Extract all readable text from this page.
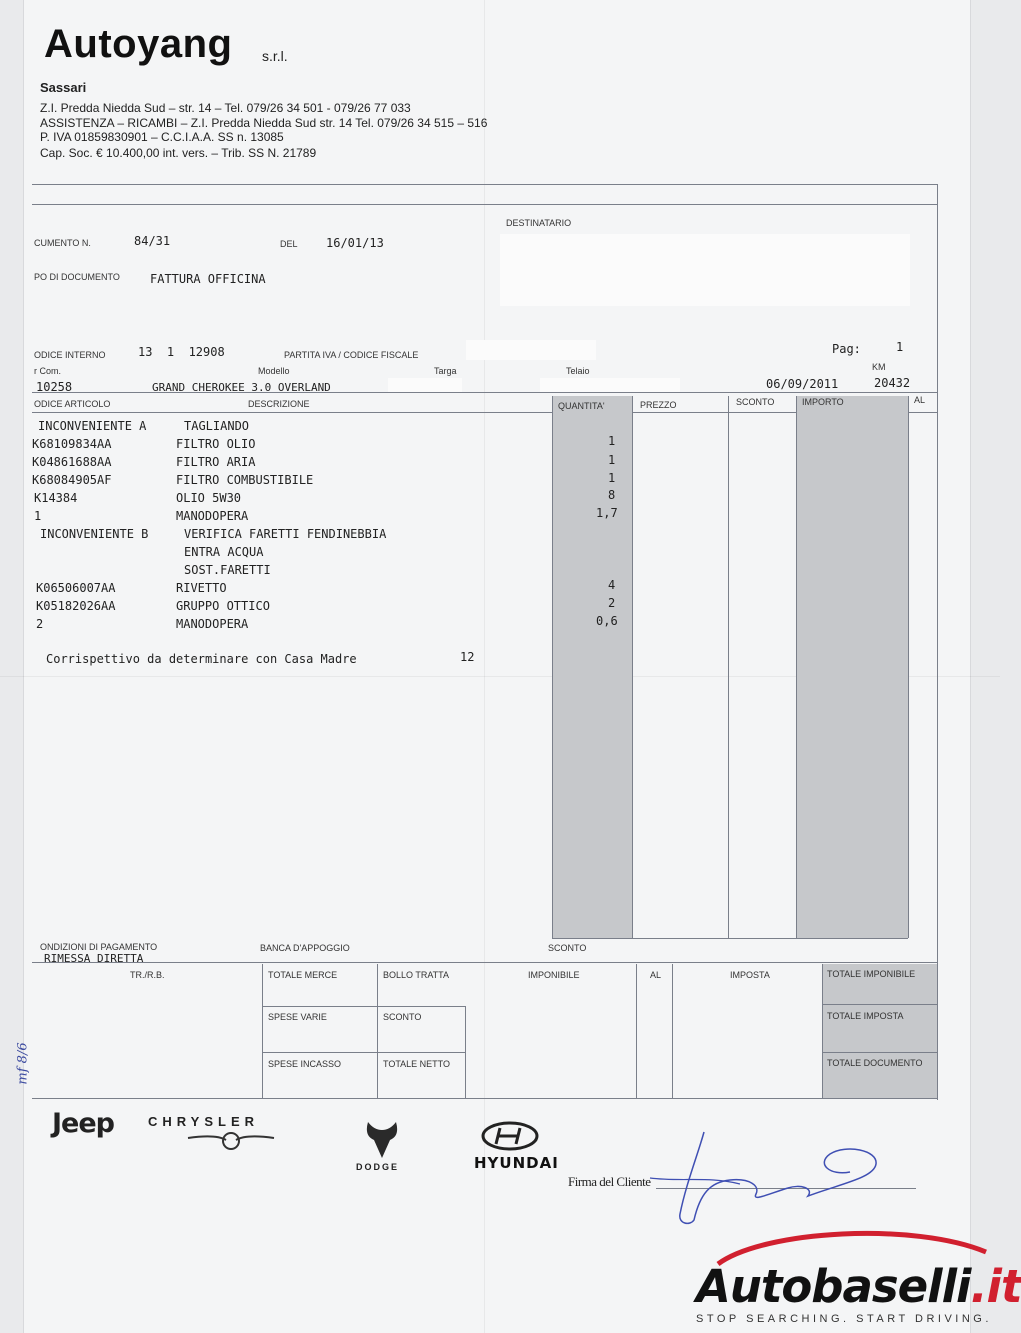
Autoyang s.r.l.
Sassari
Z.I. Predda Niedda Sud – str. 14 – Tel. 079/26 34 501 - 079/26 77 033
ASSISTENZA – RICAMBI – Z.I. Predda Niedda Sud str. 14 Tel. 079/26 34 515 – 516
P. IVA 01859830901 – C.C.I.A.A. SS n. 13085
Cap. Soc. € 10.400,00 int. vers. – Trib. SS N. 21789
DESTINATARIO
CUMENTO N.	84/31	DEL 16/01/13
PO DI DOCUMENTO	FATTURA OFFICINA
ODICE INTERNO	13  1  12908	PARTITA IVA / CODICE FISCALE	Pag:	1
r Com.	Modello	Targa	Telaio	KM
10258	GRAND CHEROKEE 3.0 OVERLAND	06/09/2011	20432
ODICE ARTICOLO	DESCRIZIONE	QUANTITA'	PREZZO	SCONTO	IMPORTO	AL
INCONVENIENTE A	TAGLIANDO
K68109834AA	FILTRO OLIO	1
K04861688AA	FILTRO ARIA	1
K68084905AF	FILTRO COMBUSTIBILE	1
K14384	OLIO 5W30	8
1	MANODOPERA	1,7
INCONVENIENTE B	VERIFICA FARETTI FENDINEBBIA
ENTRA ACQUA
SOST.FARETTI
K06506007AA	RIVETTO	4
K05182026AA	GRUPPO OTTICO	2
2	MANODOPERA	0,6
Corrispettivo da determinare con Casa Madre	12
ONDIZIONI DI PAGAMENTO
RIMESSA DIRETTA
BANCA D'APPOGGIO	SCONTO
TR./R.B.	TOTALE MERCE	BOLLO TRATTA	IMPONIBILE	AL	IMPOSTA	TOTALE IMPONIBILE
SPESE VARIE	SCONTO	TOTALE IMPOSTA
SPESE INCASSO	TOTALE NETTO	TOTALE DOCUMENTO
mf 8/6
Jeep	CHRYSLER
DODGE	HYUNDAI
Firma del Cliente
Autobaselli.it
STOP SEARCHING. START DRIVING.
